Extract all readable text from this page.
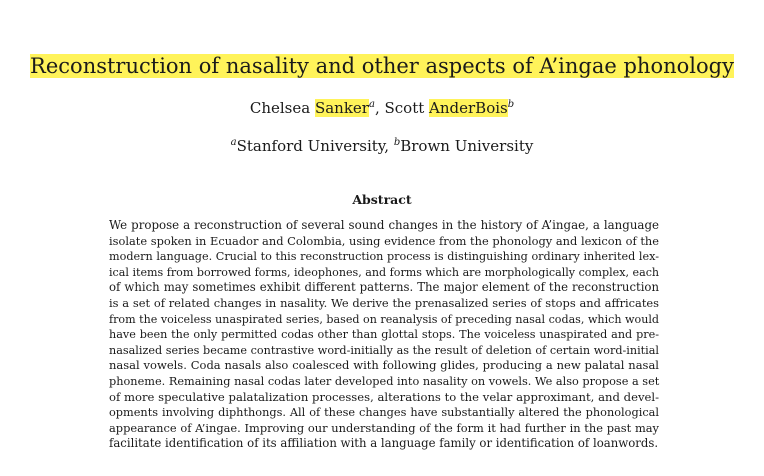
Reconstruction of nasality and other aspects of A’ingae phonology
Chelsea Sanker$^a$, Scott AnderBois$^b$
$^a$Stanford University, $^b$Brown University
Abstract
We propose a reconstruction of several sound changes in the history of A’ingae, a language
isolate spoken in Ecuador and Colombia, using evidence from the phonology and lexicon of the
modern language. Crucial to this reconstruction process is distinguishing ordinary inherited lex-
ical items from borrowed forms, ideophones, and forms which are morphologically complex, each
of which may sometimes exhibit different patterns. The major element of the reconstruction
is a set of related changes in nasality. We derive the prenasalized series of stops and affricates
from the voiceless unaspirated series, based on reanalysis of preceding nasal codas, which would
have been the only permitted codas other than glottal stops. The voiceless unaspirated and pre-
nasalized series became contrastive word-initially as the result of deletion of certain word-initial
nasal vowels. Coda nasals also coalesced with following glides, producing a new palatal nasal
phoneme. Remaining nasal codas later developed into nasality on vowels. We also propose a set
of more speculative palatalization processes, alterations to the velar approximant, and devel-
opments involving diphthongs. All of these changes have substantially altered the phonological
appearance of A’ingae. Improving our understanding of the form it had further in the past may
facilitate identification of its affiliation with a language family or identification of loanwords.
